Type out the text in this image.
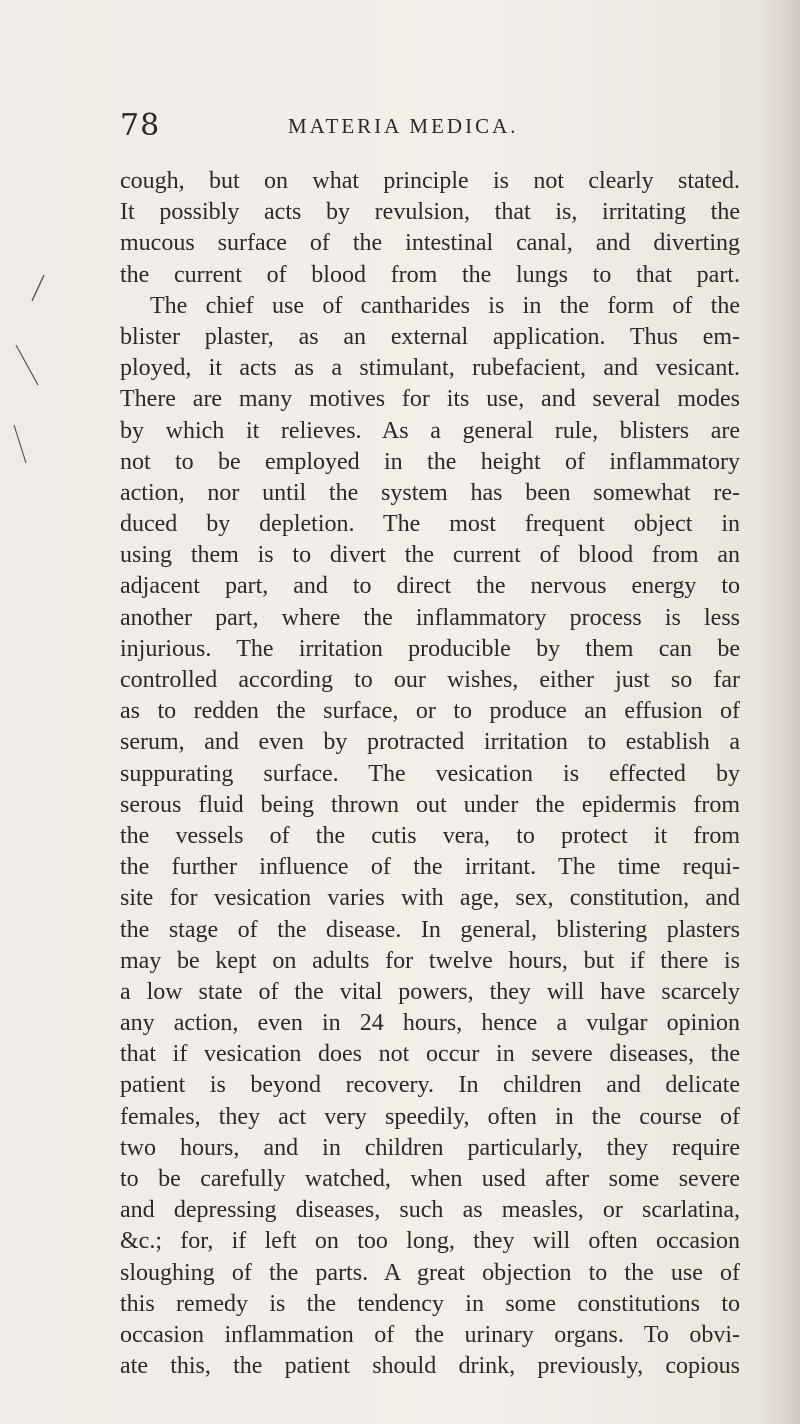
78	MATERIA MEDICA.
cough, but on what principle is not clearly stated.
It possibly acts by revulsion, that is, irritating the
mucous surface of the intestinal canal, and diverting
the current of blood from the lungs to that part.
The chief use of cantharides is in the form of the
blister plaster, as an external application. Thus em-
ployed, it acts as a stimulant, rubefacient, and vesicant.
There are many motives for its use, and several modes
by which it relieves. As a general rule, blisters are
not to be employed in the height of inflammatory
action, nor until the system has been somewhat re-
duced by depletion. The most frequent object in
using them is to divert the current of blood from an
adjacent part, and to direct the nervous energy to
another part, where the inflammatory process is less
injurious. The irritation producible by them can be
controlled according to our wishes, either just so far
as to redden the surface, or to produce an effusion of
serum, and even by protracted irritation to establish a
suppurating surface. The vesication is effected by
serous fluid being thrown out under the epidermis from
the vessels of the cutis vera, to protect it from
the further influence of the irritant. The time requi-
site for vesication varies with age, sex, constitution, and
the stage of the disease. In general, blistering plasters
may be kept on adults for twelve hours, but if there is
a low state of the vital powers, they will have scarcely
any action, even in 24 hours, hence a vulgar opinion
that if vesication does not occur in severe diseases, the
patient is beyond recovery. In children and delicate
females, they act very speedily, often in the course of
two hours, and in children particularly, they require
to be carefully watched, when used after some severe
and depressing diseases, such as measles, or scarlatina,
&c.; for, if left on too long, they will often occasion
sloughing of the parts. A great objection to the use of
this remedy is the tendency in some constitutions to
occasion inflammation of the urinary organs. To obvi-
ate this, the patient should drink, previously, copious
